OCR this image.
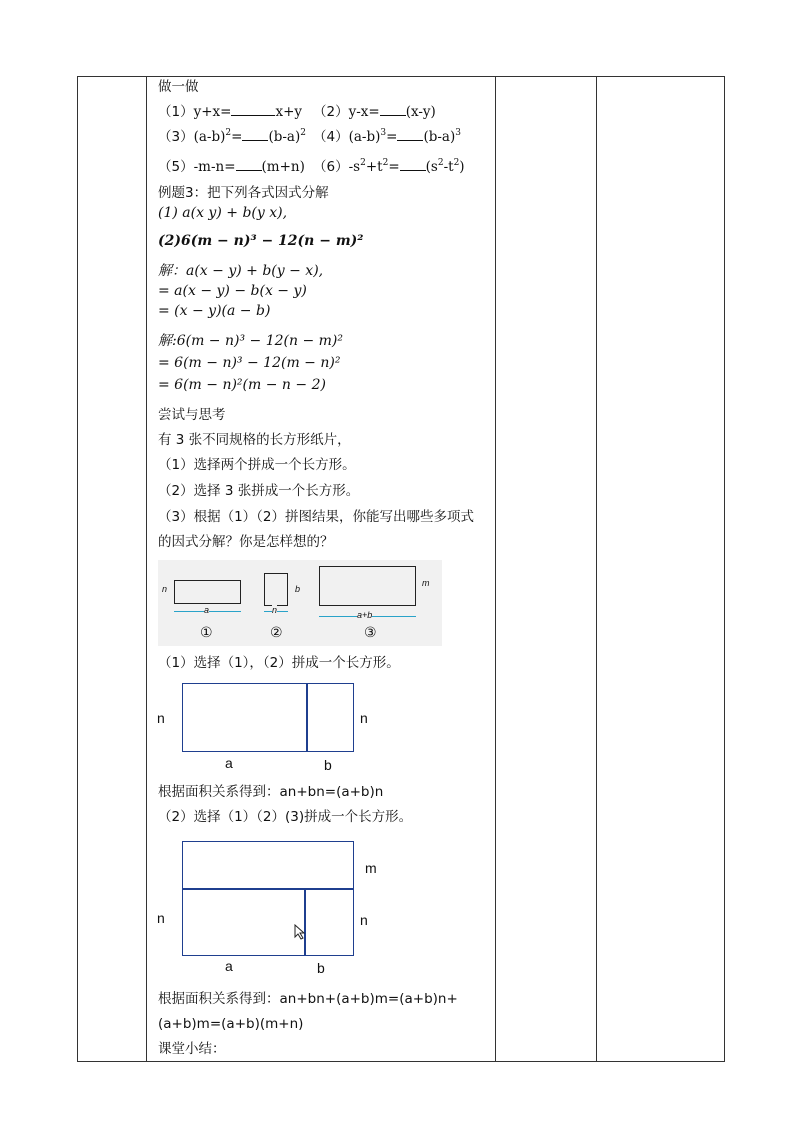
做一做
（1）y+x=	x+y （2）y-x= (x-y)
$(3)(a-b)^2= (b-a)^2$ $(4)(a-b)^3= (b-a)^3$
（5）-m-n= (m+n) $(6)-s^2+t^2= (s^2-t^2)$
例题3：把下列各式因式分解
(1) a(x y) + b(y x),
(2)6(m − n)³ − 12(n − m)²
解：a(x − y) + b(y − x),
= a(x − y) − b(x − y)
= (x − y)(a − b)
解:6(m − n)³ − 12(n − m)²
= 6(m − n)³ − 12(m − n)²
= 6(m − n)²(m − n − 2)
尝试与思考
有 3 张不同规格的长方形纸片，
（1）选择两个拼成一个长方形。
（2）选择 3 张拼成一个长方形。
（3）根据（1）（2）拼图结果，你能写出哪些多项式
的因式分解？你是怎样想的？
n
a
①
b
n
②
m
a+b
③
（1）选择（1），（2）拼成一个长方形。
n	n
a	b
根据面积关系得到：an+bn=(a+b)n
（2）选择（1）（2）(3)拼成一个长方形。
m
n	n
a	b
根据面积关系得到：an+bn+(a+b)m=(a+b)n+
(a+b)m=(a+b)(m+n)
课堂小结：
